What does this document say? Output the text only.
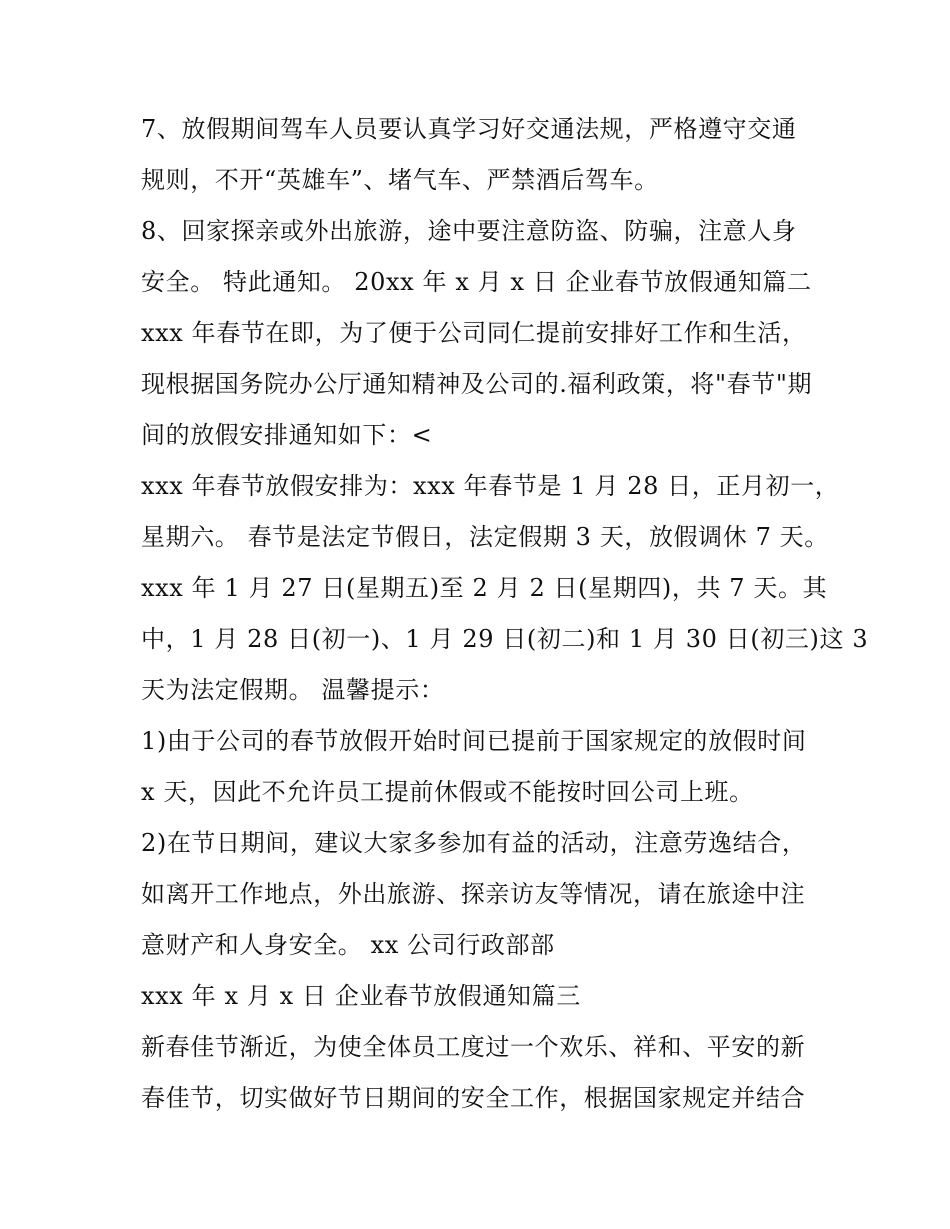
7、放假期间驾车人员要认真学习好交通法规，严格遵守交通
规则，不开“英雄车”、堵气车、严禁酒后驾车。
8、回家探亲或外出旅游，途中要注意防盗、防骗，注意人身
安全。 特此通知。 20xx 年 x 月 x 日 企业春节放假通知篇二
xxx 年春节在即，为了便于公司同仁提前安排好工作和生活，
现根据国务院办公厅通知精神及公司的.福利政策，将"春节"期
间的放假安排通知如下：<
xxx 年春节放假安排为：xxx 年春节是 1 月 28 日，正月初一，
星期六。 春节是法定节假日，法定假期 3 天，放假调休 7 天。
xxx 年 1 月 27 日(星期五)至 2 月 2 日(星期四)，共 7 天。其
中，1 月 28 日(初一)、1 月 29 日(初二)和 1 月 30 日(初三)这 3
天为法定假期。 温馨提示：
1)由于公司的春节放假开始时间已提前于国家规定的放假时间
x 天，因此不允许员工提前休假或不能按时回公司上班。
2)在节日期间，建议大家多参加有益的活动，注意劳逸结合，
如离开工作地点，外出旅游、探亲访友等情况，请在旅途中注
意财产和人身安全。 xx 公司行政部部
xxx 年 x 月 x 日 企业春节放假通知篇三
新春佳节渐近，为使全体员工度过一个欢乐、祥和、平安的新
春佳节，切实做好节日期间的安全工作，根据国家规定并结合
